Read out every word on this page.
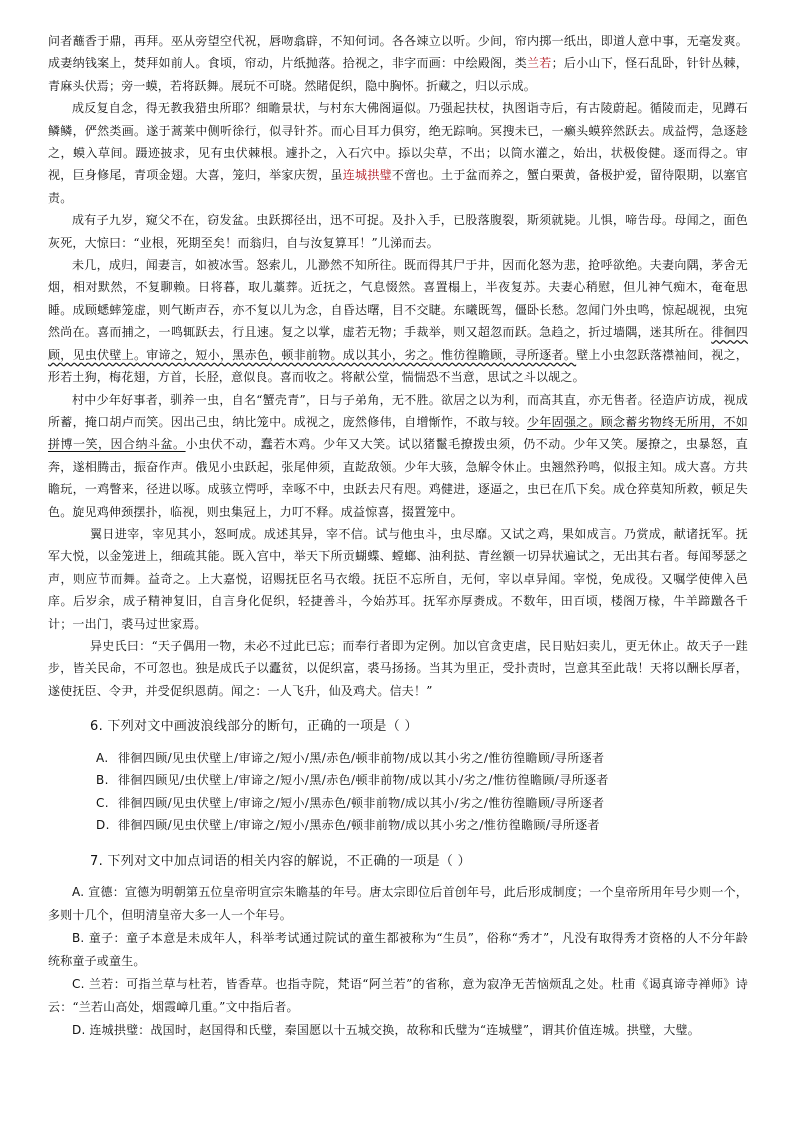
问者蘸香于鼎，再拜。巫从旁望空代祝，唇吻翕辟，不知何词。各各竦立以听。少间，帘内掷一纸出，即道人意中事，无毫发爽。成妻纳钱案上，焚拜如前人。食顷，帘动，片纸抛落。拾视之，非字而画：中绘殿阁，类兰若；后小山下，怪石乱卧，针针丛棘，青麻头伏焉；旁一蟆，若将跃舞。展玩不可晓。然睹促织，隐中胸怀。折藏之，归以示成。

成反复自念，得无教我猎虫所耶？细瞻景状，与村东大佛阁逼似。乃强起扶杖，执图诣寺后，有古陵蔚起。循陵而走，见蹲石鳞鳞，俨然类画。遂于蒿莱中侧听徐行，似寻针芥。而心目耳力俱穷，绝无踪响。冥搜未已，一癞头蟆猝然跃去。成益愕，急逐趁之，蟆入草间。蹑迹披求，见有虫伏棘根。遽扑之，入石穴中。掭以尖草，不出；以筒水灌之，始出，状极俊健。逐而得之。审视，巨身修尾，青项金翅。大喜，笼归，举家庆贺，虽连城拱璧不啻也。土于盆而养之，蟹白栗黄，备极护爱，留待限期，以塞官责。

成有子九岁，窥父不在，窃发盆。虫跃掷径出，迅不可捉。及扑入手，已股落腹裂，斯须就毙。儿惧，啼告母。母闻之，面色灰死，大惊曰：“业根，死期至矣！而翁归，自与汝复算耳！”儿涕而去。

未几，成归，闻妻言，如被冰雪。怒索儿，儿渺然不知所往。既而得其尸于井，因而化怒为悲，抢呼欲绝。夫妻向隅，茅舍无烟，相对默然，不复聊赖。日将暮，取儿藁葬。近抚之，气息惙然。喜置榻上，半夜复苏。夫妻心稍慰，但儿神气痴木，奄奄思睡。成顾蟋蟀笼虚，则气断声吞，亦不复以儿为念，自昏达曙，目不交睫。东曦既驾，僵卧长愁。忽闻门外虫鸣，惊起觇视，虫宛然尚在。喜而捕之，一鸣辄跃去，行且速。复之以掌，虚若无物；手裁举，则又超忽而跃。急趋之，折过墙隅，迷其所在。徘徊四顾，见虫伏壁上。审谛之，短小，黑赤色，顿非前物。成以其小，劣之。惟彷徨瞻顾，寻所逐者。壁上小虫忽跃落襟袖间，视之，形若土狗，梅花翅，方首，长胫，意似良。喜而收之。将献公堂，惴惴恐不当意，思试之斗以觇之。

村中少年好事者，驯养一虫，自名“蟹壳青”，日与子弟角，无不胜。欲居之以为利，而高其直，亦无售者。径造庐访成，视成所蓄，掩口胡卢而笑。因出己虫，纳比笼中。成视之，庞然修伟，自增惭怍，不敢与较。少年固强之。顾念蓄劣物终无所用，不如拼博一笑，因合纳斗盆。小虫伏不动，蠢若木鸡。少年又大笑。试以猪鬣毛撩拨虫须，仍不动。少年又笑。屡撩之，虫暴怒，直奔，遂相腾击，振奋作声。俄见小虫跃起，张尾伸须，直龁敌领。少年大骇，急解令休止。虫翘然矜鸣，似报主知。成大喜。方共瞻玩，一鸡瞥来，径进以啄。成骇立愕呼，幸啄不中，虫跃去尺有咫。鸡健进，逐逼之，虫已在爪下矣。成仓猝莫知所救，顿足失色。旋见鸡伸颈摆扑，临视，则虫集冠上，力叮不释。成益惊喜，掇置笼中。

翼日进宰，宰见其小，怒呵成。成述其异，宰不信。试与他虫斗，虫尽靡。又试之鸡，果如成言。乃赏成，献诸抚军。抚军大悦，以金笼进上，细疏其能。既入宫中，举天下所贡蝴蝶、螳螂、油利挞、青丝额一切异状遍试之，无出其右者。每闻琴瑟之声，则应节而舞。益奇之。上大嘉悦，诏赐抚臣名马衣缎。抚臣不忘所自，无何，宰以卓异闻。宰悦，免成役。又嘱学使俾入邑庠。后岁余，成子精神复旧，自言身化促织，轻捷善斗，今始苏耳。抚军亦厚赉成。不数年，田百顷，楼阁万椽，牛羊蹄躈各千计；一出门，裘马过世家焉。

异史氏曰：“天子偶用一物，未必不过此已忘；而奉行者即为定例。加以官贪吏虐，民日贴妇卖儿，更无休止。故天子一跬步，皆关民命，不可忽也。独是成氏子以蠹贫，以促织富，裘马扬扬。当其为里正，受扑责时，岂意其至此哉！天将以酬长厚者，遂使抚臣、令尹，并受促织恩荫。闻之：一人飞升，仙及鸡犬。信夫！”

6. 下列对文中画波浪线部分的断句，正确的一项是（ ）
A. 徘徊四顾/见虫伏壁上/审谛之/短小/黑/赤色/顿非前物/成以其小劣之/惟彷徨瞻顾/寻所逐者
B. 徘徊四顾见/虫伏壁上/审谛之/短小/黑/赤色/顿非前物/成以其小/劣之/惟彷徨瞻顾/寻所逐者
C. 徘徊四顾/见虫伏壁上/审谛之/短小/黑赤色/顿非前物/成以其小/劣之/惟彷徨瞻顾/寻所逐者
D. 徘徊四顾/见虫伏壁上/审谛之/短小/黑赤色/顿非前物/成以其小劣之/惟彷徨瞻顾/寻所逐者
7. 下列对文中加点词语的相关内容的解说，不正确的一项是（ ）

A. 宣德：宣德为明朝第五位皇帝明宣宗朱瞻基的年号。唐太宗即位后首创年号，此后形成制度；一个皇帝所用年号少则一个，多则十几个，但明清皇帝大多一人一个年号。

B. 童子：童子本意是未成年人，科举考试通过院试的童生都被称为“生员”，俗称“秀才”，凡没有取得秀才资格的人不分年龄统称童子或童生。

C. 兰若：可指兰草与杜若，皆香草。也指寺院，梵语“阿兰若”的省称，意为寂净无苦恼烦乱之处。杜甫《谒真谛寺禅师》诗云：“兰若山高处，烟霞嶂几重。”文中指后者。

D. 连城拱璧：战国时，赵国得和氏璧，秦国愿以十五城交换，故称和氏璧为“连城璧”，谓其价值连城。拱璧，大璧。
